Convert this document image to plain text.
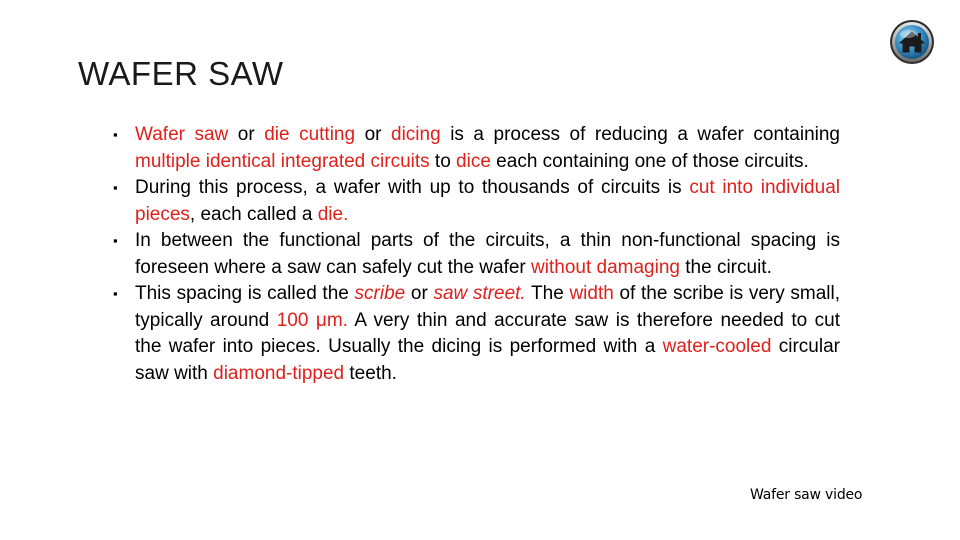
WAFER SAW
▪ Wafer saw or die cutting or dicing is a process of reducing a wafer containing multiple identical integrated circuits to dice each containing one of those circuits.
▪ During this process, a wafer with up to thousands of circuits is cut into individual pieces, each called a die.
▪ In between the functional parts of the circuits, a thin non-functional spacing is foreseen where a saw can safely cut the wafer without damaging the circuit.
▪ This spacing is called the scribe or saw street. The width of the scribe is very small, typically around 100 μm. A very thin and accurate saw is therefore needed to cut the wafer into pieces. Usually the dicing is performed with a water-cooled circular saw with diamond-tipped teeth.
Wafer saw video
